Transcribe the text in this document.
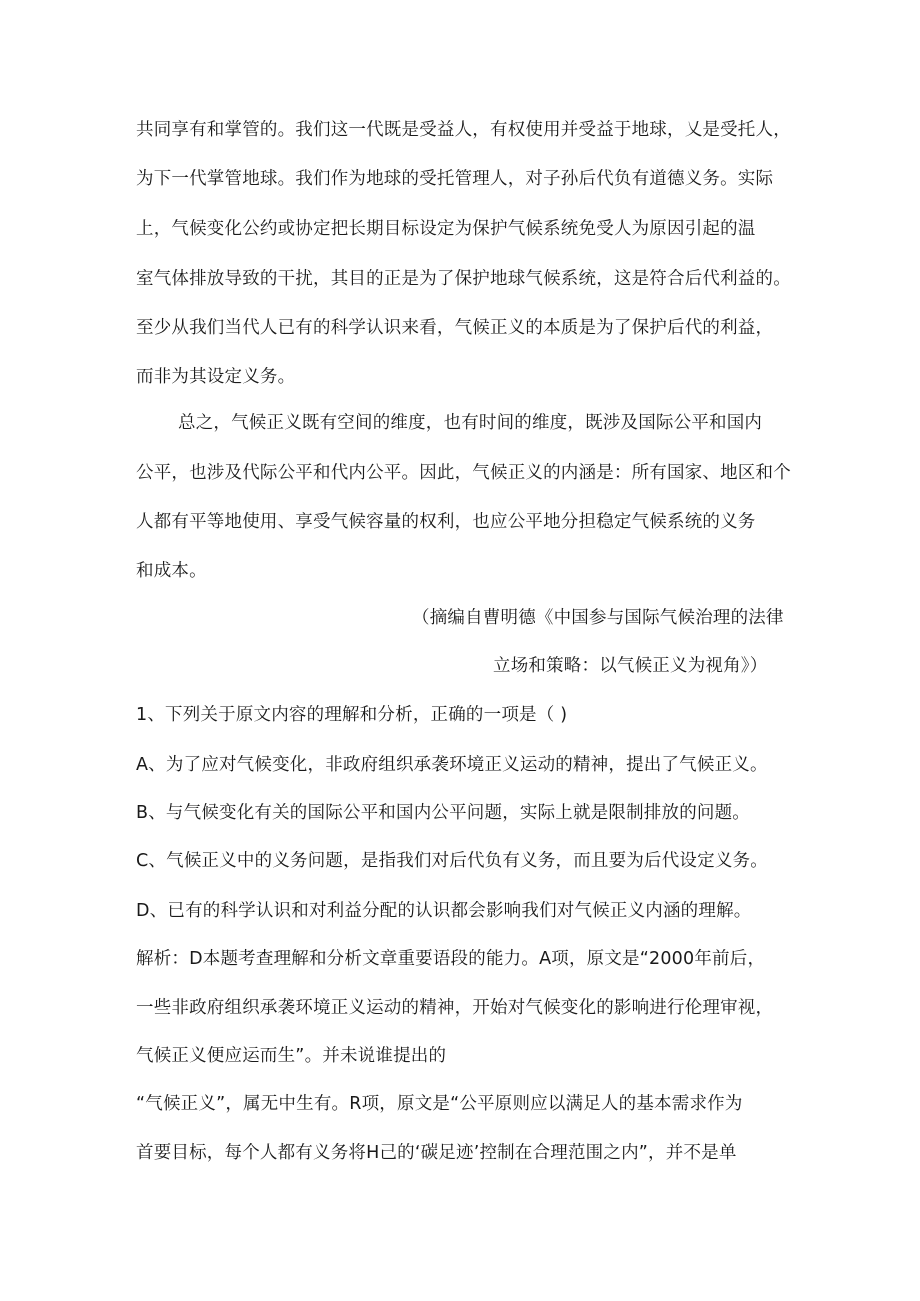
共同享有和掌管的。我们这一代既是受益人，有权使用并受益于地球，乂是受托人，
为下一代掌管地球。我们作为地球的受托管理人，对子孙后代负有道德义务。实际
上，气候变化公约或协定把长期目标设定为保护气候系统免受人为原因引起的温
室气体排放导致的干扰，其目的正是为了保护地球气候系统，这是符合后代利益的。
至少从我们当代人已有的科学认识来看，气候正义的本质是为了保护后代的利益，
而非为其设定义务。
总之，气候正义既有空间的维度，也有时间的维度，既涉及国际公平和国内
公平，也涉及代际公平和代内公平。因此，气候正义的内涵是：所有国家、地区和个
人都有平等地使用、享受气候容量的权利，也应公平地分担稳定气候系统的义务
和成本。
（摘编自曹明德《中国参与国际气候治理的法律
立场和策略：以气候正义为视角》）
1、下列关于原文内容的理解和分析，正确的一项是（ )
A、为了应对气候变化，非政府组织承袭环境正义运动的精神，提出了气候正义。
B、与气候变化有关的国际公平和国内公平问题，实际上就是限制排放的问题。
C、气候正义中的义务问题，是指我们对后代负有义务，而且要为后代设定义务。
D、已有的科学认识和对利益分配的认识都会影响我们对气候正义内涵的理解。
解析：D本题考查理解和分析文章重要语段的能力。A项，原文是“2000年前后，
一些非政府组织承袭环境正义运动的精神，开始对气候变化的影响进行伦理审视，
气候正义便应运而生”。并未说谁提出的
“气候正义”，属无中生有。R项，原文是“公平原则应以满足人的基本需求作为
首要目标，每个人都有义务将H己的‘碳足迹’控制在合理范围之内”，并不是单
